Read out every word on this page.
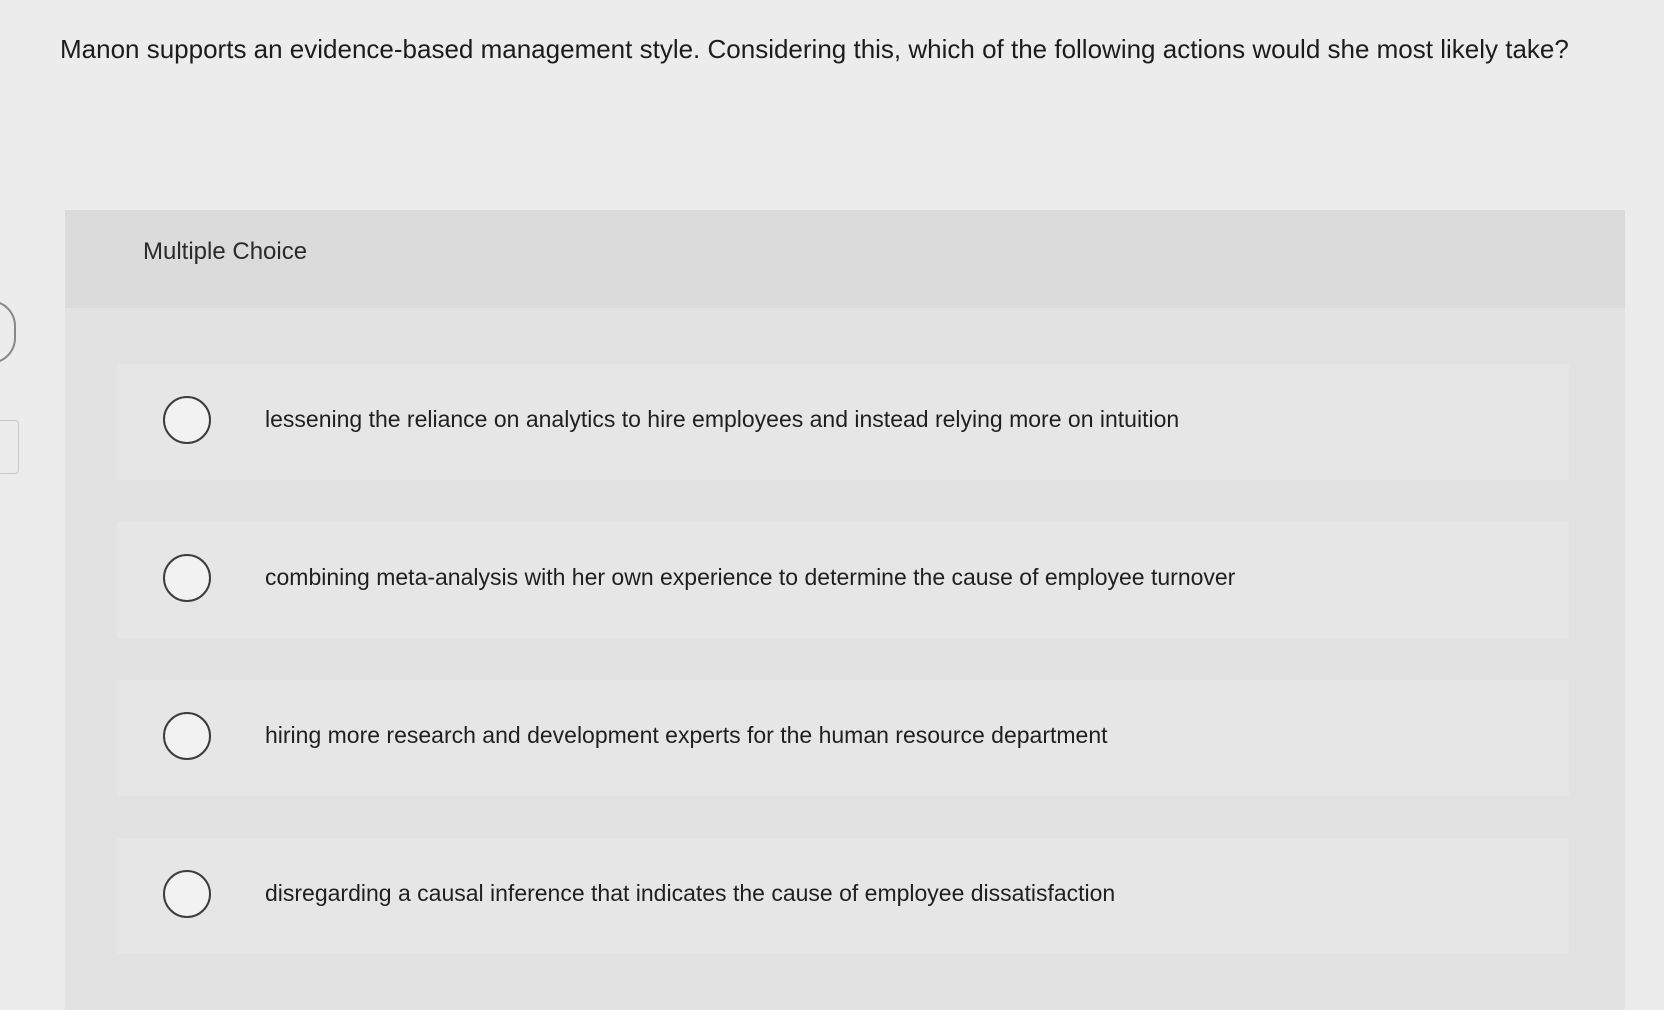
Manon supports an evidence-based management style. Considering this, which of the following actions would she most likely take?
Multiple Choice
lessening the reliance on analytics to hire employees and instead relying more on intuition
combining meta-analysis with her own experience to determine the cause of employee turnover
hiring more research and development experts for the human resource department
disregarding a causal inference that indicates the cause of employee dissatisfaction
